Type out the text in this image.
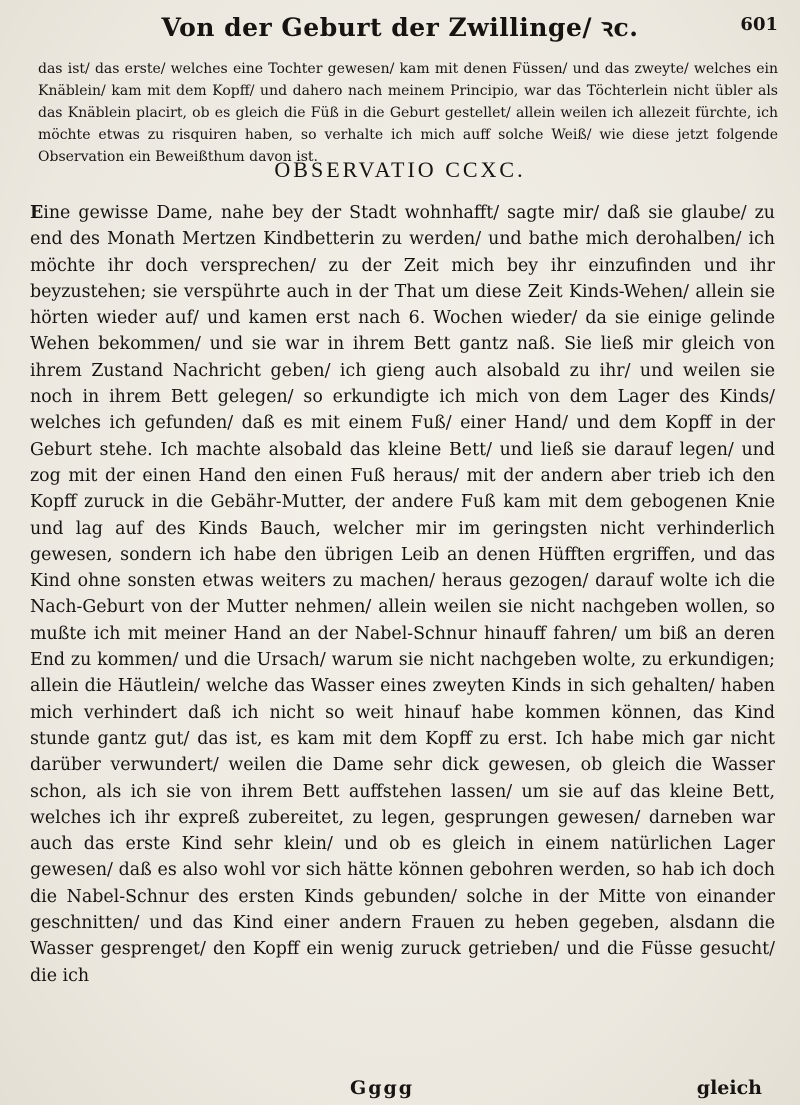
Von der Geburt der Zwillinge/ ꝛc.	601

das ist/ das erste/ welches eine Tochter gewesen/ kam mit denen Füssen/ und das zweyte/ welches ein Knäblein/ kam mit dem Kopff/ und dahero nach meinem Principio, war das Töchterlein nicht übler als das Knäblein placirt, ob es gleich die Füß in die Geburt gestellet/ allein weilen ich allezeit fürchte, ich möchte etwas zu risquiren haben, so verhalte ich mich auff solche Weiß/ wie diese jetzt folgende Observation ein Beweißthum davon ist.

OBSERVATIO CCXC.

Eine gewisse Dame, nahe bey der Stadt wohnhafft/ sagte mir/ daß sie glaube/ zu end des Monath Mertzen Kindbetterin zu werden/ und bathe mich derohalben/ ich möchte ihr doch versprechen/ zu der Zeit mich bey ihr einzufinden und ihr beyzustehen; sie verspührte auch in der That um diese Zeit Kinds-Wehen/ allein sie hörten wieder auf/ und kamen erst nach 6. Wochen wieder/ da sie einige gelinde Wehen bekommen/ und sie war in ihrem Bett gantz naß. Sie ließ mir gleich von ihrem Zustand Nachricht geben/ ich gieng auch alsobald zu ihr/ und weilen sie noch in ihrem Bett gelegen/ so erkundigte ich mich von dem Lager des Kinds/ welches ich gefunden/ daß es mit einem Fuß/ einer Hand/ und dem Kopff in der Geburt stehe. Ich machte alsobald das kleine Bett/ und ließ sie darauf legen/ und zog mit der einen Hand den einen Fuß heraus/ mit der andern aber trieb ich den Kopff zuruck in die Gebähr-Mutter, der andere Fuß kam mit dem gebogenen Knie und lag auf des Kinds Bauch, welcher mir im geringsten nicht verhinderlich gewesen, sondern ich habe den übrigen Leib an denen Hüfften ergriffen, und das Kind ohne sonsten etwas weiters zu machen/ heraus gezogen/ darauf wolte ich die Nach-Geburt von der Mutter nehmen/ allein weilen sie nicht nachgeben wollen, so mußte ich mit meiner Hand an der Nabel-Schnur hinauff fahren/ um biß an deren End zu kommen/ und die Ursach/ warum sie nicht nachgeben wolte, zu erkundigen; allein die Häutlein/ welche das Wasser eines zweyten Kinds in sich gehalten/ haben mich verhindert daß ich nicht so weit hinauf habe kommen können, das Kind stunde gantz gut/ das ist, es kam mit dem Kopff zu erst. Ich habe mich gar nicht darüber verwundert/ weilen die Dame sehr dick gewesen, ob gleich die Wasser schon, als ich sie von ihrem Bett auffstehen lassen/ um sie auf das kleine Bett, welches ich ihr expreß zubereitet, zu legen, gesprungen gewesen/ darneben war auch das erste Kind sehr klein/ und ob es gleich in einem natürlichen Lager gewesen/ daß es also wohl vor sich hätte können gebohren werden, so hab ich doch die Nabel-Schnur des ersten Kinds gebunden/ solche in der Mitte von einander geschnitten/ und das Kind einer andern Frauen zu heben gegeben, alsdann die Wasser gesprenget/ den Kopff ein wenig zuruck getrieben/ und die Füsse gesucht/ die ich

Gggg	gleich
